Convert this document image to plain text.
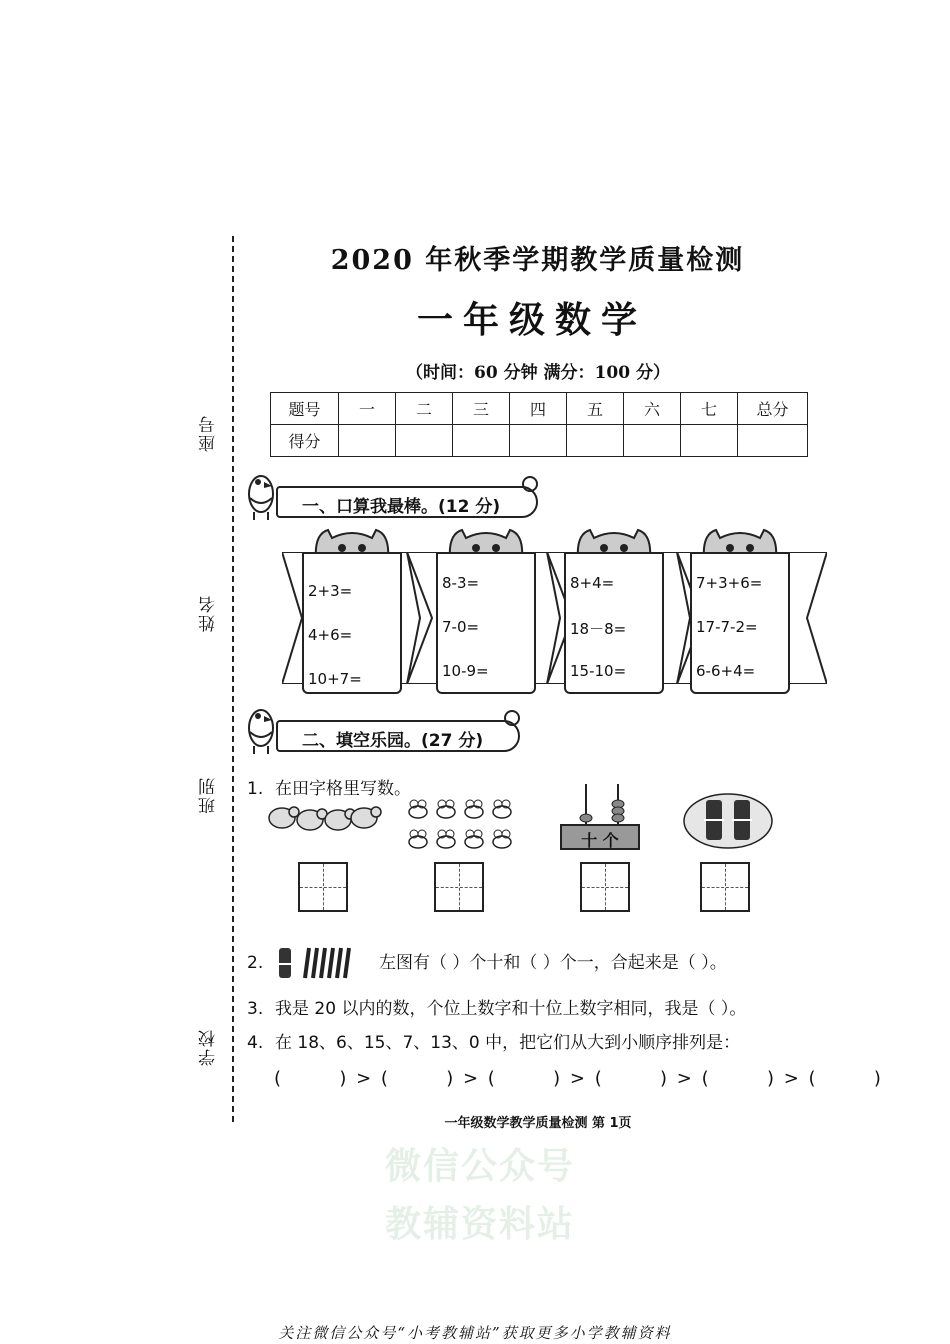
座号
姓名
班别
学校
2020 年秋季学期教学质量检测
一年级数学
（时间：60 分钟 满分：100 分）
题号	一	二	三	四	五	六	七	总分
得分								
一、口算我最棒。(12 分)
2+3=
4+6=
10+7=
8-3=
7-0=
10-9=
8+4=
18－8=
15-10=
7+3+6=
17-7-2=
6-6+4=
二、填空乐园。(27 分)
1. 在田字格里写数。
十 个
2.	左图有（ ）个十和（ ）个一，合起来是（ ）。
3. 我是 20 以内的数，个位上数字和十位上数字相同，我是（ ）。
4. 在 18、6、15、7、13、0 中，把它们从大到小顺序排列是：
(      ) > (      ) > (      ) > (      ) > (      ) > (      )
一年级数学教学质量检测 第 1页
微信公众号
教辅资料站
关注微信公众号“小考教辅站”获取更多小学教辅资料
